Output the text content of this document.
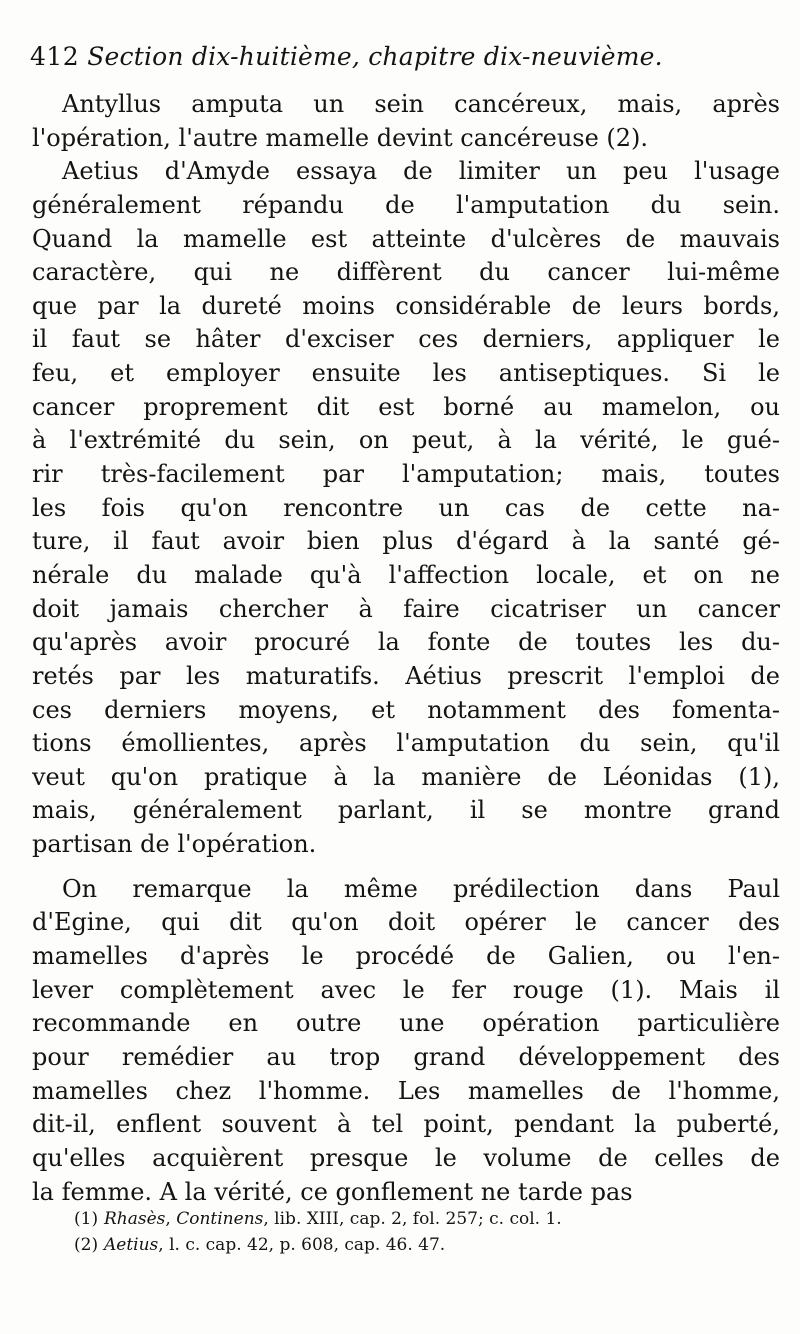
412 Section dix-huitième, chapitre dix-neuvième.
Antyllus amputa un sein cancéreux, mais, après
l'opération, l'autre mamelle devint cancéreuse (2).
Aetius d'Amyde essaya de limiter un peu l'usage
généralement répandu de l'amputation du sein.
Quand la mamelle est atteinte d'ulcères de mauvais
caractère, qui ne diffèrent du cancer lui-même
que par la dureté moins considérable de leurs bords,
il faut se hâter d'exciser ces derniers, appliquer le
feu, et employer ensuite les antiseptiques. Si le
cancer proprement dit est borné au mamelon, ou
à l'extrémité du sein, on peut, à la vérité, le gué-
rir très-facilement par l'amputation; mais, toutes
les fois qu'on rencontre un cas de cette na-
ture, il faut avoir bien plus d'égard à la santé gé-
nérale du malade qu'à l'affection locale, et on ne
doit jamais chercher à faire cicatriser un cancer
qu'après avoir procuré la fonte de toutes les du-
retés par les maturatifs. Aétius prescrit l'emploi de
ces derniers moyens, et notamment des fomenta-
tions émollientes, après l'amputation du sein, qu'il
veut qu'on pratique à la manière de Léonidas (1),
mais, généralement parlant, il se montre grand
partisan de l'opération.
On remarque la même prédilection dans Paul
d'Egine, qui dit qu'on doit opérer le cancer des
mamelles d'après le procédé de Galien, ou l'en-
lever complètement avec le fer rouge (1). Mais il
recommande en outre une opération particulière
pour remédier au trop grand développement des
mamelles chez l'homme. Les mamelles de l'homme,
dit-il, enflent souvent à tel point, pendant la puberté,
qu'elles acquièrent presque le volume de celles de
la femme. A la vérité, ce gonflement ne tarde pas
(1) Rhasès, Continens, lib. XIII, cap. 2, fol. 257; c. col. 1.
(2) Aetius, l. c. cap. 42, p. 608, cap. 46. 47.
